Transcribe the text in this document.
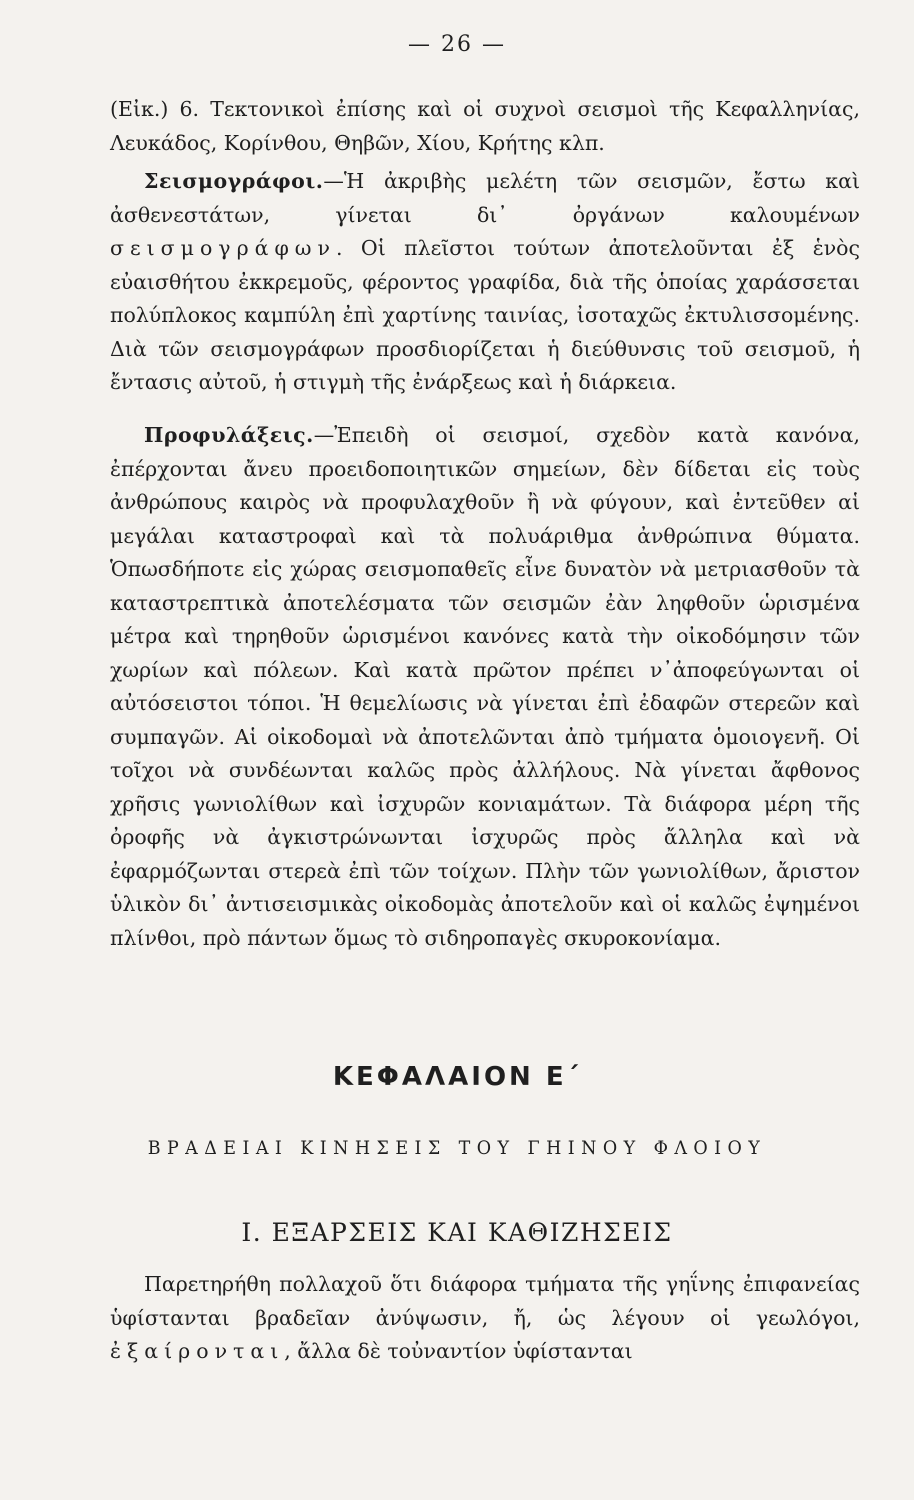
— 26 —

(Εἰκ.) 6. Τεκτονικοὶ ἐπίσης καὶ οἱ συχνοὶ σεισμοὶ τῆς Κεφαλληνίας, Λευκάδος, Κορίνθου, Θηβῶν, Χίου, Κρήτης κλπ.

Σεισμογράφοι.—Ἡ ἀκριβὴς μελέτη τῶν σεισμῶν, ἔστω καὶ ἀσθενεστάτων, γίνεται δι᾽ ὀργάνων καλουμένων σεισμογράφων. Οἱ πλεῖστοι τούτων ἀποτελοῦνται ἐξ ἑνὸς εὐαισθήτου ἐκκρεμοῦς, φέροντος γραφίδα, διὰ τῆς ὁποίας χαράσσεται πολύπλοκος καμπύλη ἐπὶ χαρτίνης ταινίας, ἰσοταχῶς ἐκτυλισσομένης. Διὰ τῶν σεισμογράφων προσδιορίζεται ἡ διεύθυνσις τοῦ σεισμοῦ, ἡ ἔντασις αὐτοῦ, ἡ στιγμὴ τῆς ἐνάρξεως καὶ ἡ διάρκεια.

Προφυλάξεις.—Ἐπειδὴ οἱ σεισμοί, σχεδὸν κατὰ κανόνα, ἐπέρχονται ἄνευ προειδοποιητικῶν σημείων, δὲν δίδεται εἰς τοὺς ἀνθρώπους καιρὸς νὰ προφυλαχθοῦν ἢ νὰ φύγουν, καὶ ἐντεῦθεν αἱ μεγάλαι καταστροφαὶ καὶ τὰ πολυάριθμα ἀνθρώπινα θύματα. Ὁπωσδήποτε εἰς χώρας σεισμοπαθεῖς εἶνε δυνατὸν νὰ μετριασθοῦν τὰ καταστρεπτικὰ ἀποτελέσματα τῶν σεισμῶν ἐὰν ληφθοῦν ὡρισμένα μέτρα καὶ τηρηθοῦν ὡρισμένοι κανόνες κατὰ τὴν οἰκοδόμησιν τῶν χωρίων καὶ πόλεων. Καὶ κατὰ πρῶτον πρέπει ν᾽ἀποφεύγωνται οἱ αὐτόσειστοι τόποι. Ἡ θεμελίωσις νὰ γίνεται ἐπὶ ἐδαφῶν στερεῶν καὶ συμπαγῶν. Αἱ οἰκοδομαὶ νὰ ἀποτελῶνται ἀπὸ τμήματα ὁμοιογενῆ. Οἱ τοῖχοι νὰ συνδέωνται καλῶς πρὸς ἀλλήλους. Νὰ γίνεται ἄφθονος χρῆσις γωνιολίθων καὶ ἰσχυρῶν κονιαμάτων. Τὰ διάφορα μέρη τῆς ὀροφῆς νὰ ἀγκιστρώνωνται ἰσχυρῶς πρὸς ἄλληλα καὶ νὰ ἐφαρμόζωνται στερεὰ ἐπὶ τῶν τοίχων. Πλὴν τῶν γωνιολίθων, ἄριστον ὑλικὸν δι᾽ ἀντισεισμικὰς οἰκοδομὰς ἀποτελοῦν καὶ οἱ καλῶς ἐψημένοι πλίνθοι, πρὸ πάντων ὅμως τὸ σιδηροπαγὲς σκυροκονίαμα.

ΚΕΦΑΛΑΙΟΝ Ε΄
ΒΡΑΔΕΙΑΙ ΚΙΝΗΣΕΙΣ ΤΟΥ ΓΗΙΝΟΥ ΦΛΟΙΟΥ
Ι. ΕΞΑΡΣΕΙΣ ΚΑΙ ΚΑΘΙΖΗΣΕΙΣ

Παρετηρήθη πολλαχοῦ ὅτι διάφορα τμήματα τῆς γηΐνης ἐπιφανείας ὑφίστανται βραδεῖαν ἀνύψωσιν, ἤ, ὡς λέγουν οἱ γεωλόγοι, ἐξαίρονται, ἄλλα δὲ τοὐναντίον ὑφίστανται
